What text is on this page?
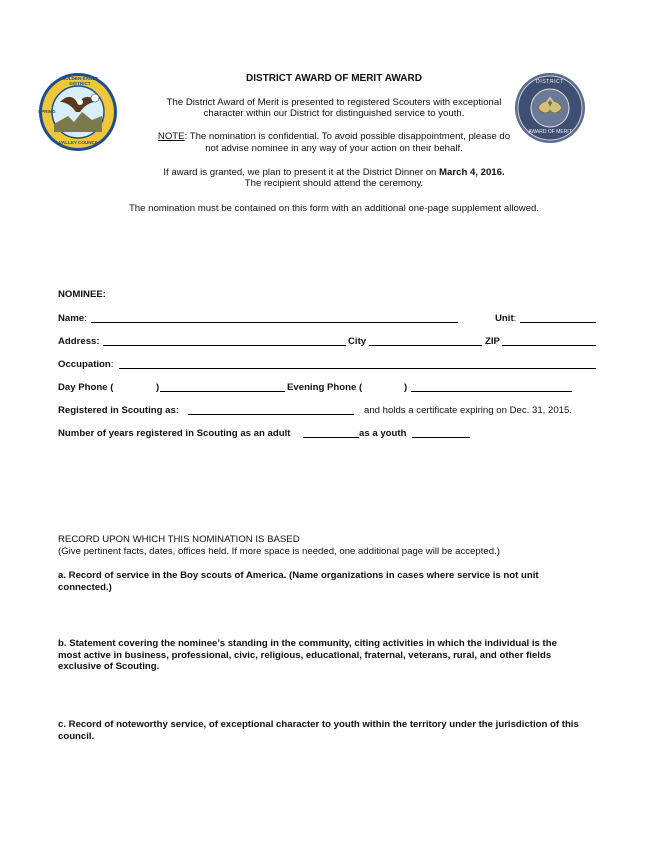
GOLDEN EAGLE DISTRICT
SPRING
VALLEY COUNCIL
DISTRICT
AWARD OF MERIT
DISTRICT AWARD OF MERIT AWARD
The District Award of Merit is presented to registered Scouters with exceptional
character within our District for distinguished service to youth.
NOTE: The nomination is confidential. To avoid possible disappointment, please do
not advise nominee in any way of your action on their behalf.
If award is granted, we plan to present it at the District Dinner on March 4, 2016.
The recipient should attend the ceremony.
The nomination must be contained on this form with an additional one-page supplement allowed.
NOMINEE:
Name:	Unit:
Address:	City	ZIP
Occupation:
Day Phone (	)	Evening Phone (	)
Registered in Scouting as:	and holds a certificate expiring on Dec. 31, 2015.
Number of years registered in Scouting as an adult	as a youth
RECORD UPON WHICH THIS NOMINATION IS BASED
(Give pertinent facts, dates, offices held. If more space is needed, one additional page will be accepted.)
a. Record of service in the Boy scouts of America. (Name organizations in cases where service is not unit
connected.)
b. Statement covering the nominee’s standing in the community, citing activities in which the individual is the
most active in business, professional, civic, religious, educational, fraternal, veterans, rural, and other fields
exclusive of Scouting.
c. Record of noteworthy service, of exceptional character to youth within the territory under the jurisdiction of this
council.
